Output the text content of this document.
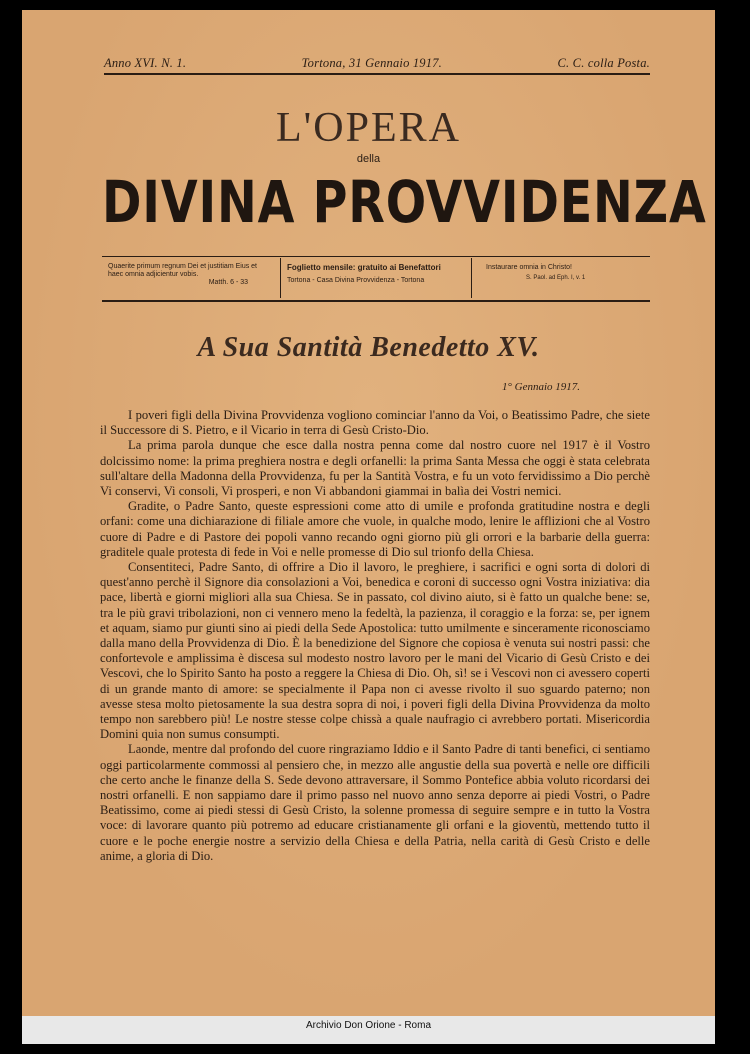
Anno XVI. N. 1.	Tortona, 31 Gennaio 1917.	C. C. colla Posta.
L'OPERA
della
DIVINA PROVVIDENZA
Quaerite primum regnum Dei et justitiam Eius et haec omnia adjicientur vobis.
Matth. 6 - 33
Foglietto mensile: gratuito ai Benefattori
Tortona - Casa Divina Provvidenza - Tortona
Instaurare omnia in Christo!
S. Paol. ad Eph. I, v. 1
A Sua Santità Benedetto XV.
1° Gennaio 1917.

I poveri figli della Divina Provvidenza vogliono cominciar l'anno da Voi, o Beatissimo Padre, che siete il Successore di S. Pietro, e il Vicario in terra di Gesù Cristo-Dio.

La prima parola dunque che esce dalla nostra penna come dal nostro cuore nel 1917 è il Vostro dolcissimo nome: la prima preghiera nostra e degli orfanelli: la prima Santa Messa che oggi è stata celebrata sull'altare della Madonna della Provvidenza, fu per la Santità Vostra, e fu un voto fervidissimo a Dio perchè Vi conservi, Vi consoli, Vi prosperi, e non Vi abbandoni giammai in balìa dei Vostri nemici.

Gradite, o Padre Santo, queste espressioni come atto di umile e profonda gratitudine nostra e degli orfani: come una dichiarazione di filiale amore che vuole, in qualche modo, lenire le afflizioni che al Vostro cuore di Padre e di Pastore dei popoli vanno recando ogni giorno più gli orrori e la barbarie della guerra: graditele quale protesta di fede in Voi e nelle promesse di Dio sul trionfo della Chiesa.

Consentiteci, Padre Santo, di offrire a Dio il lavoro, le preghiere, i sacrifici e ogni sorta di dolori di quest'anno perchè il Signore dia consolazioni a Voi, benedica e coroni di successo ogni Vostra iniziativa: dia pace, libertà e giorni migliori alla sua Chiesa. Se in passato, col divino aiuto, si è fatto un qualche bene: se, tra le più gravi tribolazioni, non ci vennero meno la fedeltà, la pazienza, il coraggio e la forza: se, per ignem et aquam, siamo pur giunti sino ai piedi della Sede Apostolica: tutto umilmente e sinceramente riconosciamo dalla mano della Provvidenza di Dio. È la benedizione del Signore che copiosa è venuta sui nostri passi: che confortevole e amplissima è discesa sul modesto nostro lavoro per le mani del Vicario di Gesù Cristo e dei Vescovi, che lo Spirito Santo ha posto a reggere la Chiesa di Dio. Oh, sì! se i Vescovi non ci avessero coperti di un grande manto di amore: se specialmente il Papa non ci avesse rivolto il suo sguardo paterno; non avesse stesa molto pietosamente la sua destra sopra di noi, i poveri figli della Divina Provvidenza da molto tempo non sarebbero più! Le nostre stesse colpe chissà a quale naufragio ci avrebbero portati. Misericordia Domini quia non sumus consumpti.

Laonde, mentre dal profondo del cuore ringraziamo Iddio e il Santo Padre di tanti benefici, ci sentiamo oggi particolarmente commossi al pensiero che, in mezzo alle angustie della sua povertà e nelle ore difficili che certo anche le finanze della S. Sede devono attraversare, il Sommo Pontefice abbia voluto ricordarsi dei nostri orfanelli. E non sappiamo dare il primo passo nel nuovo anno senza deporre ai piedi Vostri, o Padre Beatissimo, come ai piedi stessi di Gesù Cristo, la solenne promessa di seguire sempre e in tutto la Vostra voce: di lavorare quanto più potremo ad educare cristianamente gli orfani e la gioventù, mettendo tutto il cuore e le poche energie nostre a servizio della Chiesa e della Patria, nella carità di Gesù Cristo e delle anime, a gloria di Dio.

Archivio Don Orione - Roma
